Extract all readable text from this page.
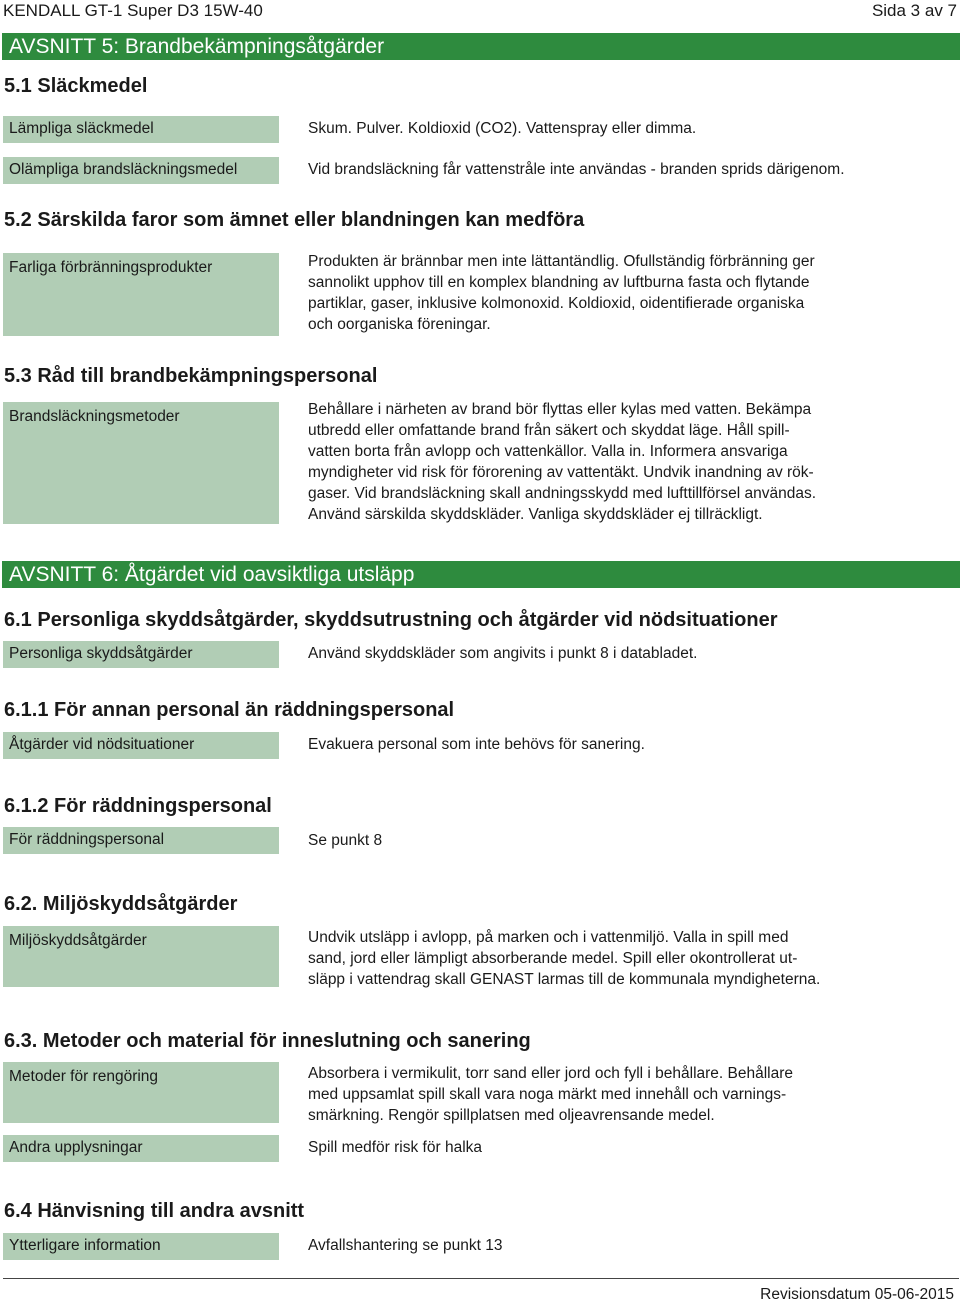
KENDALL GT-1 Super D3 15W-40	Sida 3 av 7
AVSNITT 5: Brandbekämpningsåtgärder
5.1 Släckmedel
Lämpliga släckmedel	Skum. Pulver. Koldioxid (CO2). Vattenspray eller dimma.
Olämpliga brandsläckningsmedel	Vid brandsläckning får vattenstråle inte användas - branden sprids därigenom.
5.2 Särskilda faror som ämnet eller blandningen kan medföra
Farliga förbränningsprodukter	Produkten är brännbar men inte lättantändlig. Ofullständig förbränning ger
sannolikt upphov till en komplex blandning av luftburna fasta och flytande
partiklar, gaser, inklusive kolmonoxid. Koldioxid, oidentifierade organiska
och oorganiska föreningar.
5.3 Råd till brandbekämpningspersonal
Brandsläckningsmetoder	Behållare i närheten av brand bör flyttas eller kylas med vatten. Bekämpa
utbredd eller omfattande brand från säkert och skyddat läge. Håll spill-
vatten borta från avlopp och vattenkällor. Valla in. Informera ansvariga
myndigheter vid risk för förorening av vattentäkt. Undvik inandning av rök-
gaser. Vid brandsläckning skall andningsskydd med lufttillförsel användas.
Använd särskilda skyddskläder. Vanliga skyddskläder ej tillräckligt.
AVSNITT 6: Åtgärdet vid oavsiktliga utsläpp
6.1 Personliga skyddsåtgärder, skyddsutrustning och åtgärder vid nödsituationer
Personliga skyddsåtgärder	Använd skyddskläder som angivits i punkt 8 i databladet.
6.1.1 För annan personal än räddningspersonal
Åtgärder vid nödsituationer	Evakuera personal som inte behövs för sanering.
6.1.2 För räddningspersonal
För räddningspersonal	Se punkt 8
6.2. Miljöskyddsåtgärder
Miljöskyddsåtgärder	Undvik utsläpp i avlopp, på marken och i vattenmiljö. Valla in spill med
sand, jord eller lämpligt absorberande medel. Spill eller okontrollerat ut-
släpp i vattendrag skall GENAST larmas till de kommunala myndigheterna.
6.3. Metoder och material för inneslutning och sanering
Metoder för rengöring	Absorbera i vermikulit, torr sand eller jord och fyll i behållare. Behållare
med uppsamlat spill skall vara noga märkt med innehåll och varnings-
smärkning. Rengör spillplatsen med oljeavrensande medel.
Andra upplysningar	Spill medför risk för halka
6.4 Hänvisning till andra avsnitt
Ytterligare information	Avfallshantering se punkt 13
Revisionsdatum 05-06-2015
